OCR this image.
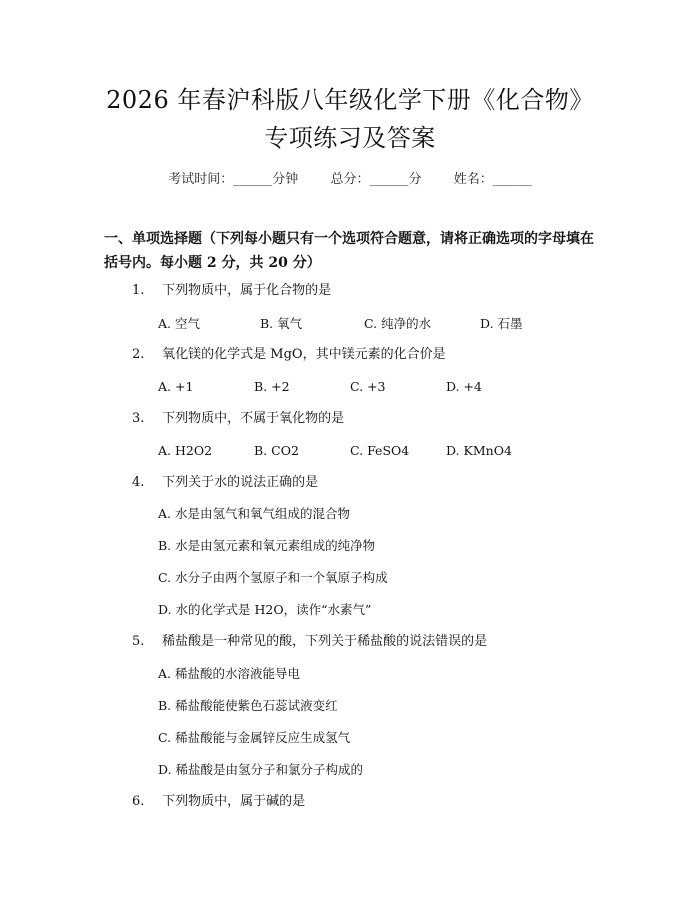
2026 年春沪科版八年级化学下册《化合物》
专项练习及答案
考试时间：______分钟 总分：______分 姓名：______
一、单项选择题（下列每小题只有一个选项符合题意，请将正确选项的字母填在
括号内。每小题 2 分，共 20 分）
1. 下列物质中，属于化合物的是
A. 空气	B. 氧气	C. 纯净的水	D. 石墨
2. 氧化镁的化学式是 MgO，其中镁元素的化合价是
A. +1	B. +2	C. +3	D. +4
3. 下列物质中，不属于氧化物的是
A. H2O2	B. CO2	C. FeSO4	D. KMnO4
4. 下列关于水的说法正确的是
A. 水是由氢气和氧气组成的混合物
B. 水是由氢元素和氧元素组成的纯净物
C. 水分子由两个氢原子和一个氧原子构成
D. 水的化学式是 H2O，读作“水素气”
5. 稀盐酸是一种常见的酸，下列关于稀盐酸的说法错误的是
A. 稀盐酸的水溶液能导电
B. 稀盐酸能使紫色石蕊试液变红
C. 稀盐酸能与金属锌反应生成氢气
D. 稀盐酸是由氢分子和氯分子构成的
6. 下列物质中，属于碱的是
